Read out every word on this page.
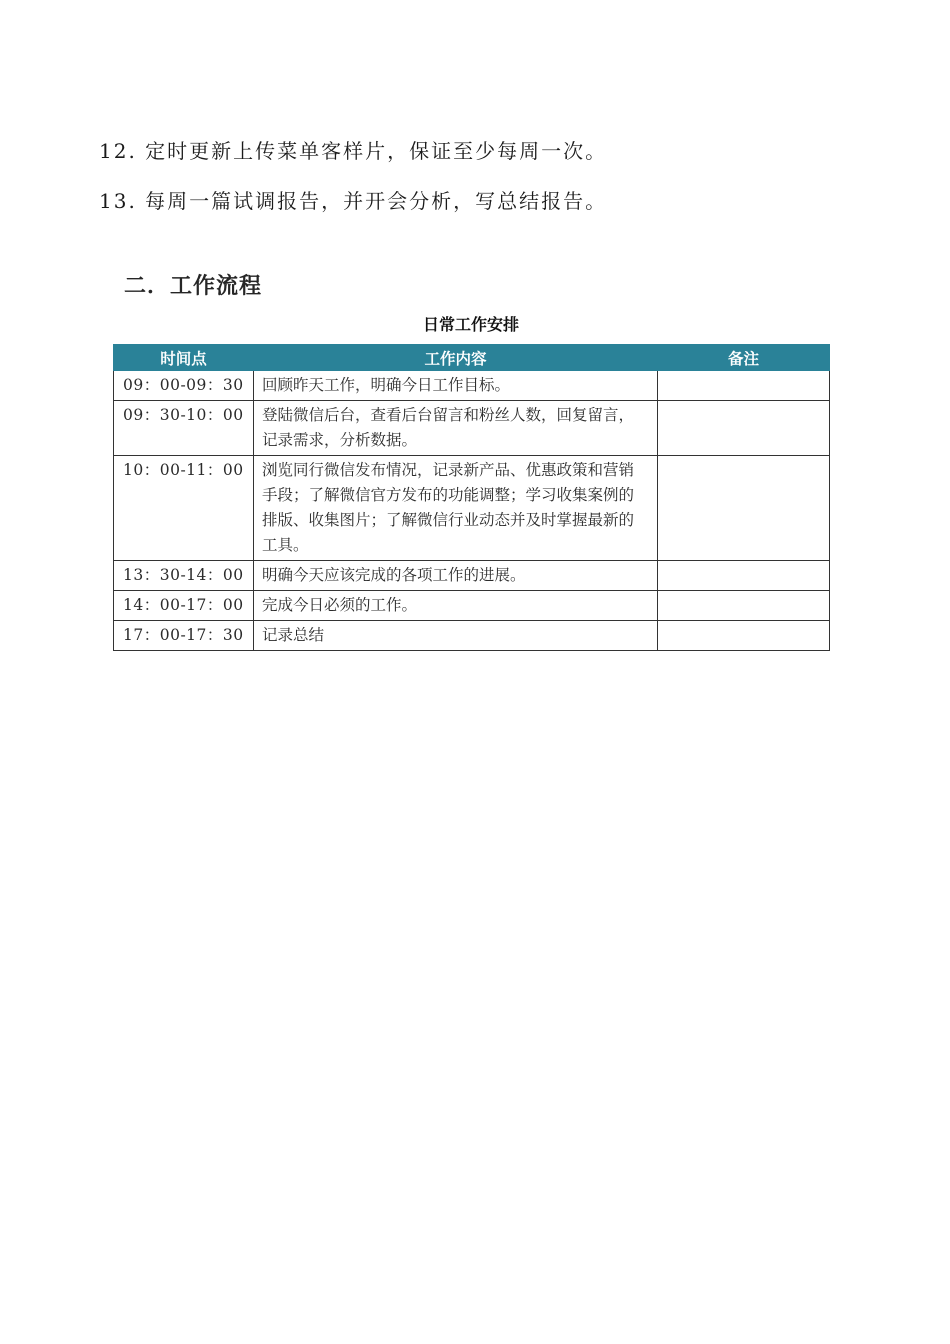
12. 定时更新上传菜单客样片，保证至少每周一次。
13. 每周一篇试调报告，并开会分析，写总结报告。
二．工作流程
日常工作安排
时间点	工作内容	备注
09：00-09：30	回顾昨天工作，明确今日工作目标。	
09：30-10：00	登陆微信后台，查看后台留言和粉丝人数，回复留言，记录需求，分析数据。	
10：00-11：00	浏览同行微信发布情况，记录新产品、优惠政策和营销手段；了解微信官方发布的功能调整；学习收集案例的排版、收集图片；了解微信行业动态并及时掌握最新的工具。	
13：30-14：00	明确今天应该完成的各项工作的进展。	
14：00-17：00	完成今日必须的工作。	
17：00-17：30	记录总结	
